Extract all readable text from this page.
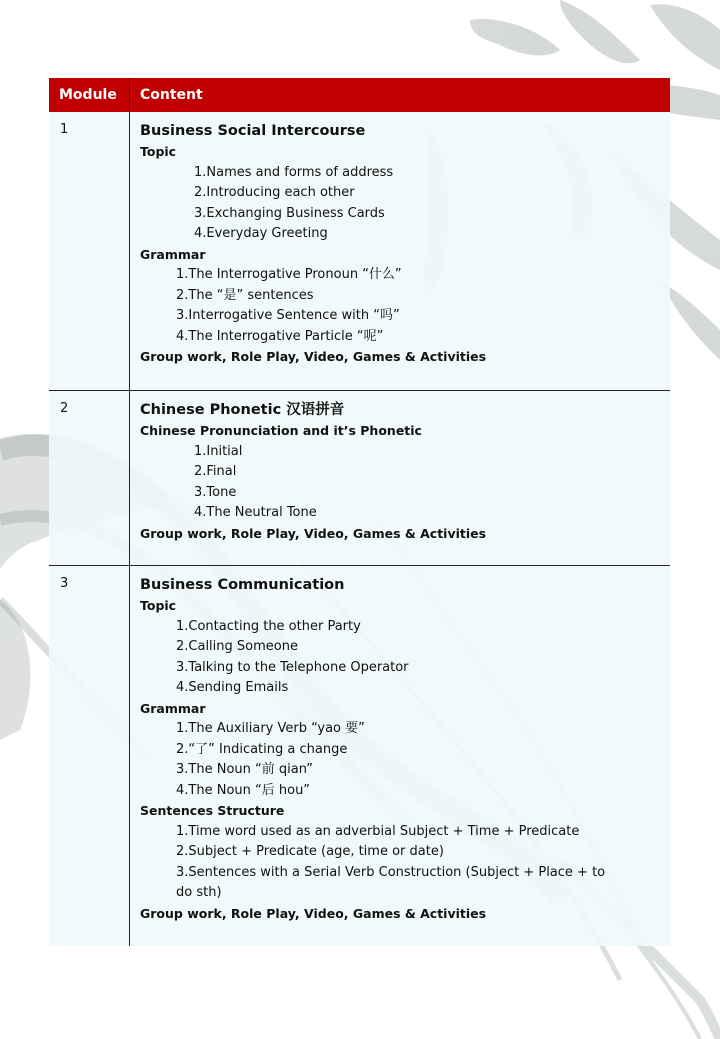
Module	Content
1	Business Social Intercourse
Topic
1.Names and forms of address
2.Introducing each other
3.Exchanging Business Cards
4.Everyday Greeting
Grammar
1.The Interrogative Pronoun “什么”
2.The “是” sentences
3.Interrogative Sentence with “吗”
4.The Interrogative Particle “呢”
Group work, Role Play, Video, Games & Activities
2	Chinese Phonetic 汉语拼音
Chinese Pronunciation and it’s Phonetic
1.Initial
2.Final
3.Tone
4.The Neutral Tone
Group work, Role Play, Video, Games & Activities
3	Business Communication
Topic
1.Contacting the other Party
2.Calling Someone
3.Talking to the Telephone Operator
4.Sending Emails
Grammar
1.The Auxiliary Verb “yao 要”
2.“了” Indicating a change
3.The Noun “前 qian”
4.The Noun “后 hou”
Sentences Structure
1.Time word used as an adverbial Subject + Time + Predicate
2.Subject + Predicate (age, time or date)
3.Sentences with a Serial Verb Construction (Subject + Place + to do sth)
Group work, Role Play, Video, Games & Activities
